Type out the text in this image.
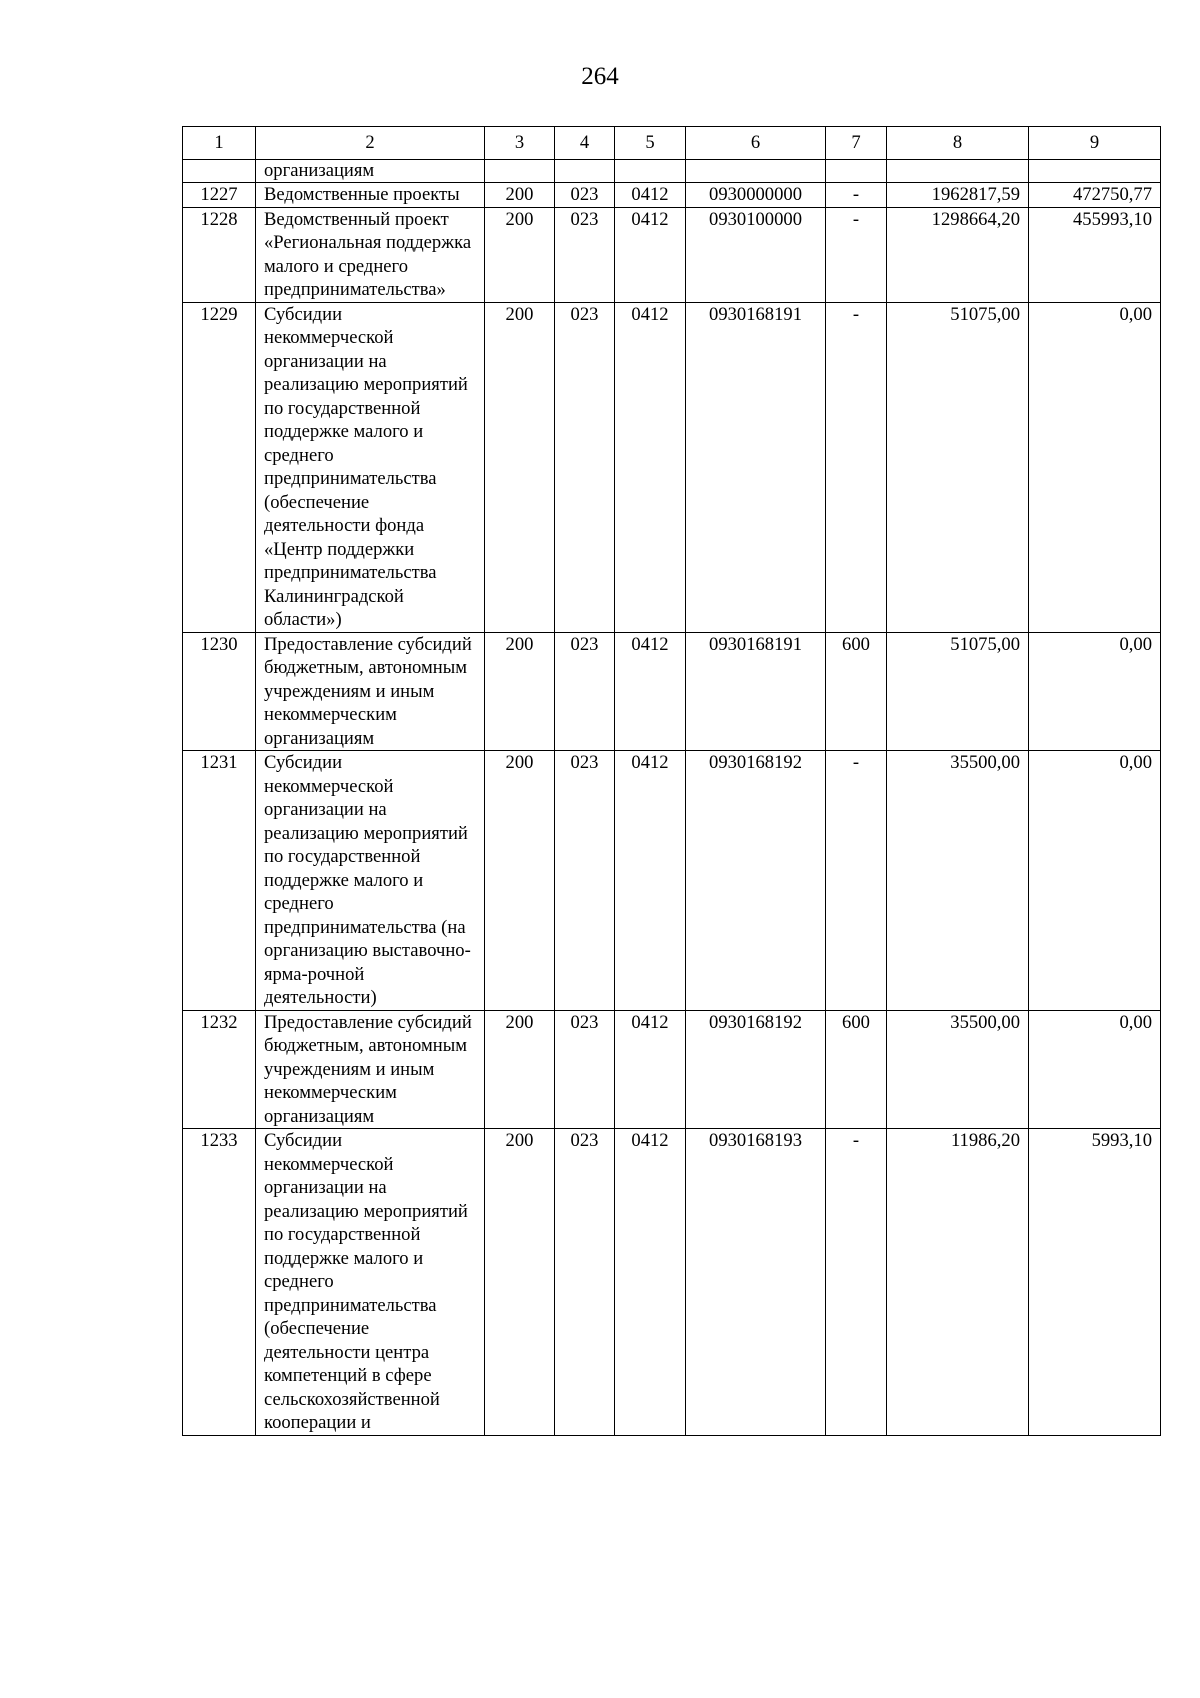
264
1	2	3	4	5	6	7	8	9
	организациям							
1227	Ведомственные проекты	200	023	0412	0930000000	-	1962817,59	472750,77
1228	Ведомственный проект «Региональная поддержка малого и среднего предпринимательства»	200	023	0412	0930100000	-	1298664,20	455993,10
1229	Субсидии некоммерческой организации на реализацию мероприятий по государственной поддержке малого и среднего предпринимательства (обеспечение деятельности фонда «Центр поддержки предпринимательства Калининградской области»)	200	023	0412	0930168191	-	51075,00	0,00
1230	Предоставление субсидий бюджетным, автономным учреждениям и иным некоммерческим организациям	200	023	0412	0930168191	600	51075,00	0,00
1231	Субсидии некоммерческой организации на реализацию мероприятий по государственной поддержке малого и среднего предпринимательства (на организацию выставочно-ярма-рочной деятельности)	200	023	0412	0930168192	-	35500,00	0,00
1232	Предоставление субсидий бюджетным, автономным учреждениям и иным некоммерческим организациям	200	023	0412	0930168192	600	35500,00	0,00
1233	Субсидии некоммерческой организации на реализацию мероприятий по государственной поддержке малого и среднего предпринимательства (обеспечение деятельности центра компетенций в сфере сельскохозяйственной кооперации и	200	023	0412	0930168193	-	11986,20	5993,10
